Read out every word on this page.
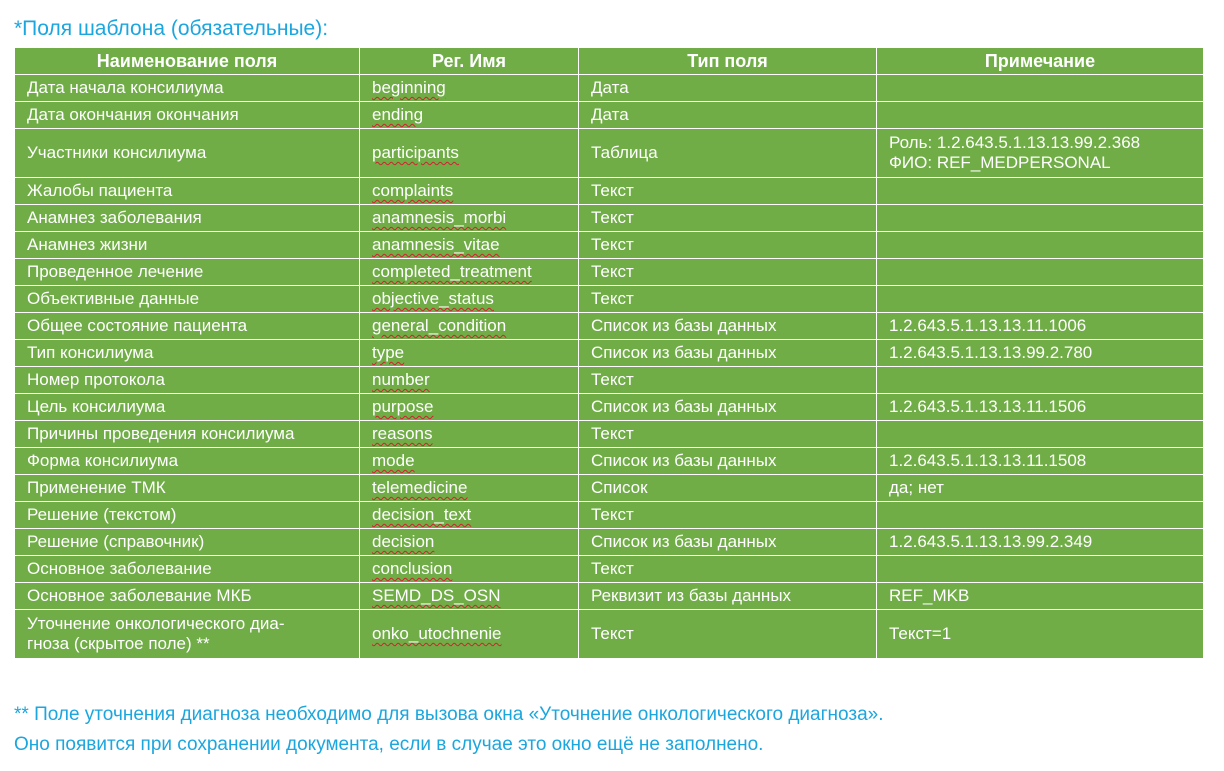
*Поля шаблона (обязательные):
Наименование поля	Рег. Имя	Тип поля	Примечание
Дата начала консилиума	beginning	Дата	
Дата окончания окончания	ending	Дата	
Участники консилиума	participants	Таблица	Роль: 1.2.643.5.1.13.13.99.2.368
ФИО: REF_MEDPERSONAL

Жалобы пациента	complaints	Текст	
Анамнез заболевания	anamnesis_morbi	Текст	
Анамнез жизни	anamnesis_vitae	Текст	
Проведенное лечение	completed_treatment	Текст	
Объективные данные	objective_status	Текст	
Общее состояние пациента	general_condition	Список из базы данных	1.2.643.5.1.13.13.11.1006
Тип консилиума	type	Список из базы данных	1.2.643.5.1.13.13.99.2.780
Номер протокола	number	Текст	
Цель консилиума	purpose	Список из базы данных	1.2.643.5.1.13.13.11.1506
Причины проведения консилиума	reasons	Текст	
Форма консилиума	mode	Список из базы данных	1.2.643.5.1.13.13.11.1508
Применение ТМК	telemedicine	Список	да; нет
Решение (текстом)	decision_text	Текст	
Решение (справочник)	decision	Список из базы данных	1.2.643.5.1.13.13.99.2.349
Основное заболевание	conclusion	Текст	
Основное заболевание МКБ	SEMD_DS_OSN	Реквизит из базы данных	REF_MKB

Уточнение онкологического диа-
гноза (скрытое поле) **	onko_utochnenie	Текст	Текст=1
** Поле уточнения диагноза необходимо для вызова окна «Уточнение онкологического диагноза».
Оно появится при сохранении документа, если в случае это окно ещё не заполнено.
